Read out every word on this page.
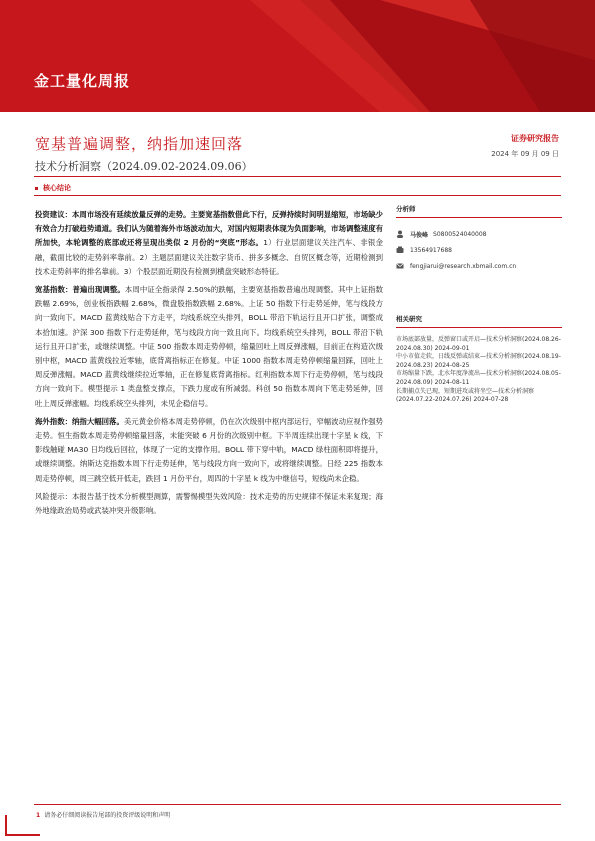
金工量化周报
宽基普遍调整，纳指加速回落
技术分析洞察（2024.09.02-2024.09.06）
证券研究报告
2024 年 09 月 09 日
核心结论

投资建议：本周市场没有延续放量反弹的走势。主要宽基指数借此下行，反弹持续时间明显缩短，市场缺少有效合力打破趋势通道。我们认为随着海外市场波动加大，对国内短期表体现为负面影响，市场调整速度有所加快，本轮调整的底部或还将呈现出类似 2 月份的“突底”形态。1）行业层面建议关注汽车、非银金融，截面比较的走势斜率靠前。2）主题层面建议关注数字货币、拼多多概念、自贸区概念等，近期检测到技术走势斜率的排名靠前。3）个股层面近期没有检测到横盘突破形态特征。

宽基指数：普遍出现调整。本周中证全指录得 2.50%的跌幅，主要宽基指数普遍出现调整。其中上证指数跌幅 2.69%，创业板指跌幅 2.68%，微盘股指数跌幅 2.68%。上证 50 指数下行走势延伸，笔与线段方向一致向下。MACD 蓝黄线贴合下方走平，均线系统空头排列，BOLL 带沿下轨运行且开口扩张，调整成本拾加速。沪深 300 指数下行走势延伸，笔与线段方向一致且向下。均线系统空头排列，BOLL 带沿下轨运行且开口扩张，或继续调整。中证 500 指数本周走势停顿，缩量回吐上周反弹涨幅，目前正在构造次级别中枢，MACD 蓝黄线拉近零轴，底背离指标正在修复。中证 1000 指数本周走势停顿缩量回踩，回吐上周反弹涨幅。MACD 蓝黄线继续拉近零轴，正在修复底背离指标。红利指数本周下行走势停顿，笔与线段方向一致向下。模型提示 1 类盘整支撑点，下跌力度或有所减弱。科创 50 指数本周向下笔走势延伸，回吐上周反弹涨幅。均线系统空头排列，未见企稳信号。

海外指数：纳指大幅回落。美元黄金价格本周走势停顿，仍在次次级别中枢内部运行，窄幅波动应视作强势走势。恒生指数本周走势停顿缩量回落，未能突破 6 月份的次级别中枢。下半周连续出现十字星 k 线，下影线触碰 MA30 日均线后回拉，体现了一定的支撑作用。BOLL 带下穿中轨，MACD 绿柱面积即将提升，或继续调整。纳斯达克指数本周下行走势延伸，笔与线段方向一致向下，或将继续调整。日经 225 指数本周走势停顿，周三跳空低开低走，跌回 1 月份平台，周四的十字星 k 线为中继信号，短线尚未企稳。

风险提示：本报告基于技术分析模型测算，需警惕模型失效风险：技术走势的历史规律不保证未来复现；海外地缘政治局势或武装冲突升级影响。

分析师
马俊峰 S0800524040008
13564917688
fengjiarui@research.xbmail.com.cn
相关研究
市场底部放量，反弹窗口或开启—技术分析洞察(2024.08.26-2024.08.30) 2024-09-01
中小市值走软，日线反弹或结束—技术分析洞察(2024.08.19-2024.08.23) 2024-08-25
市场缩量下跌，北水年度净流出—技术分析洞察(2024.08.05-2024.08.09) 2024-08-11
长期捕点失已现，短期进攻或将坐空—技术分析洞察(2024.07.22-2024.07.26) 2024-07-28
1 请务必仔细阅读报告尾部的投资评级说明和声明
